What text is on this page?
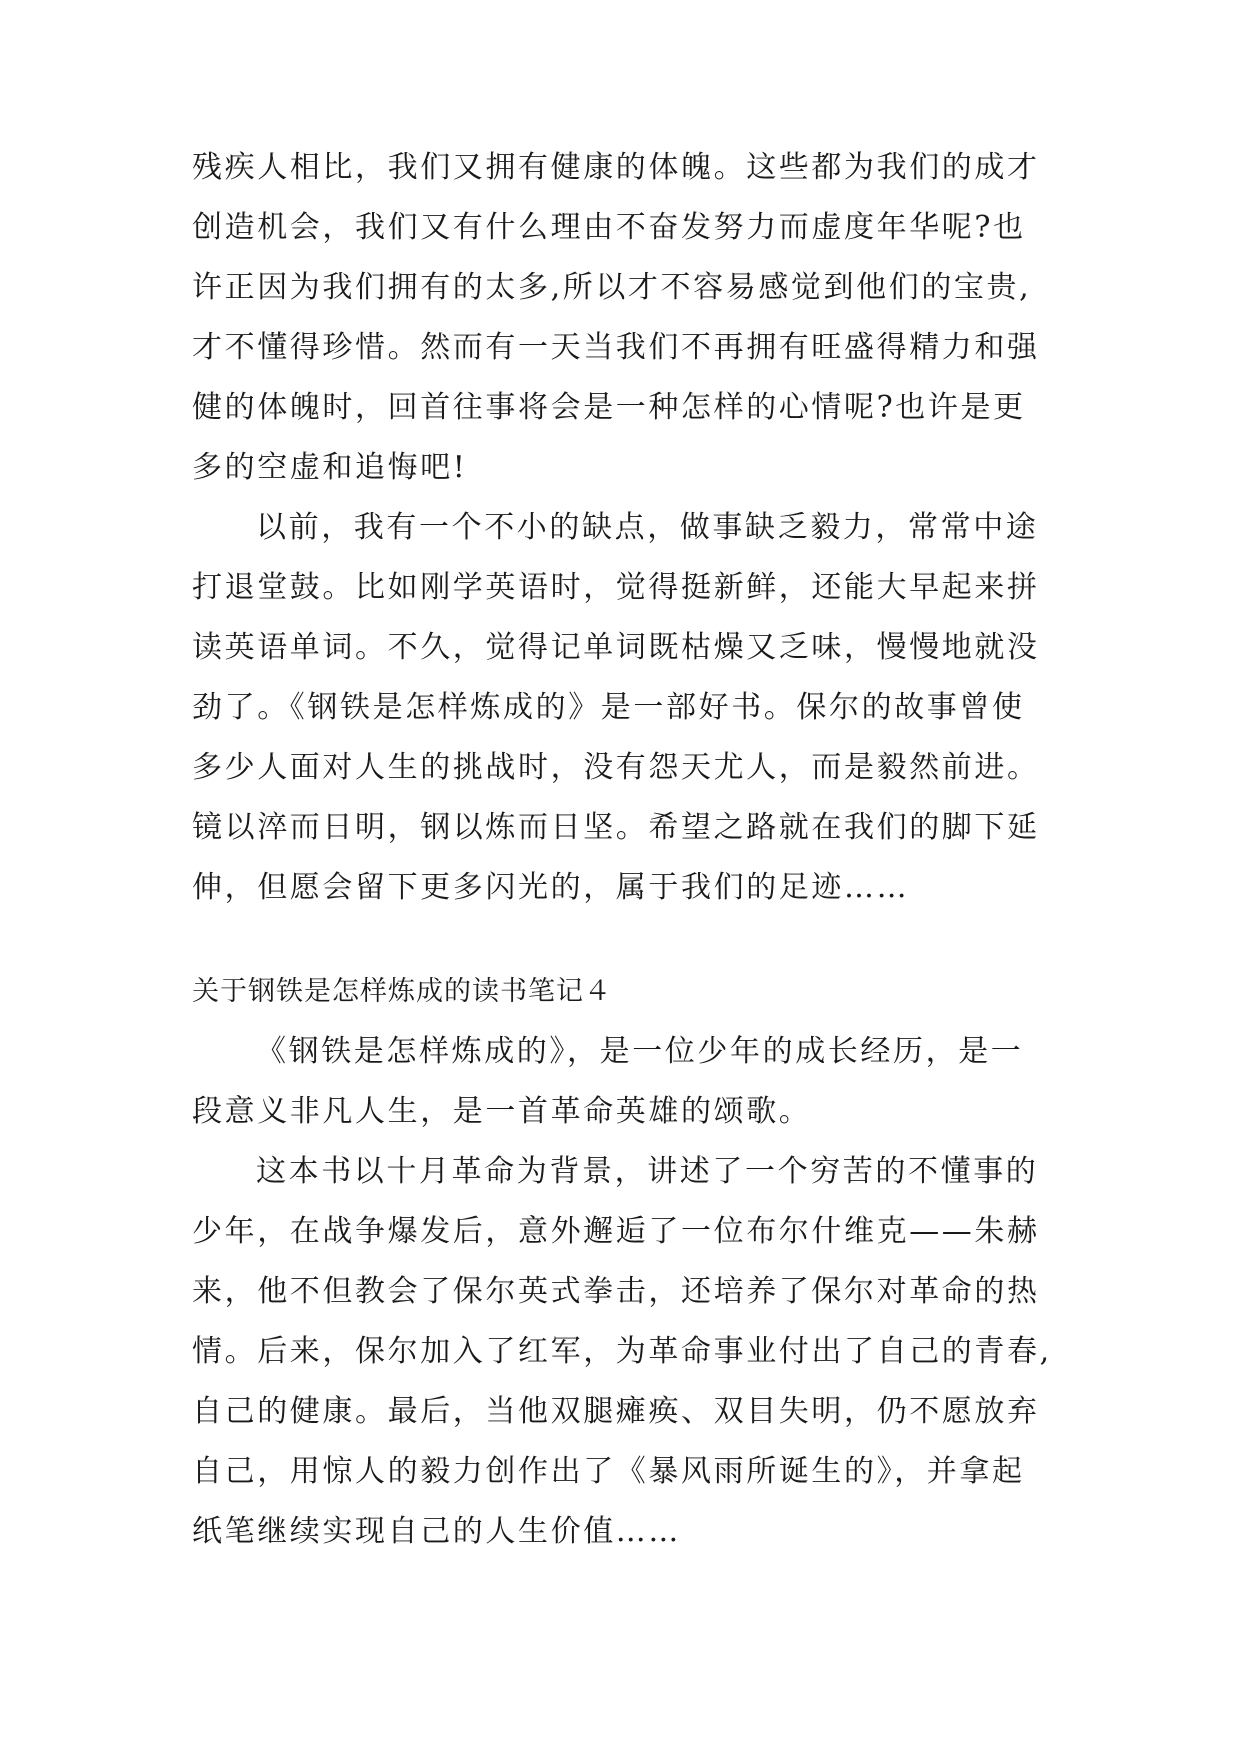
残疾人相比，我们又拥有健康的体魄。这些都为我们的成才
创造机会，我们又有什么理由不奋发努力而虚度年华呢?也
许正因为我们拥有的太多,所以才不容易感觉到他们的宝贵,
才不懂得珍惜。然而有一天当我们不再拥有旺盛得精力和强
健的体魄时，回首往事将会是一种怎样的心情呢?也许是更
多的空虚和追悔吧!
以前，我有一个不小的缺点，做事缺乏毅力，常常中途
打退堂鼓。比如刚学英语时，觉得挺新鲜，还能大早起来拼
读英语单词。不久，觉得记单词既枯燥又乏味，慢慢地就没
劲了。《钢铁是怎样炼成的》是一部好书。保尔的故事曾使
多少人面对人生的挑战时，没有怨天尤人，而是毅然前进。
镜以淬而日明，钢以炼而日坚。希望之路就在我们的脚下延
伸，但愿会留下更多闪光的，属于我们的足迹……
关于钢铁是怎样炼成的读书笔记４
《钢铁是怎样炼成的》，是一位少年的成长经历，是一
段意义非凡人生，是一首革命英雄的颂歌。
这本书以十月革命为背景，讲述了一个穷苦的不懂事的
少年，在战争爆发后，意外邂逅了一位布尔什维克——朱赫
来，他不但教会了保尔英式拳击，还培养了保尔对革命的热
情。后来，保尔加入了红军，为革命事业付出了自己的青春,
自己的健康。最后，当他双腿瘫痪、双目失明，仍不愿放弃
自己，用惊人的毅力创作出了《暴风雨所诞生的》，并拿起
纸笔继续实现自己的人生价值……
